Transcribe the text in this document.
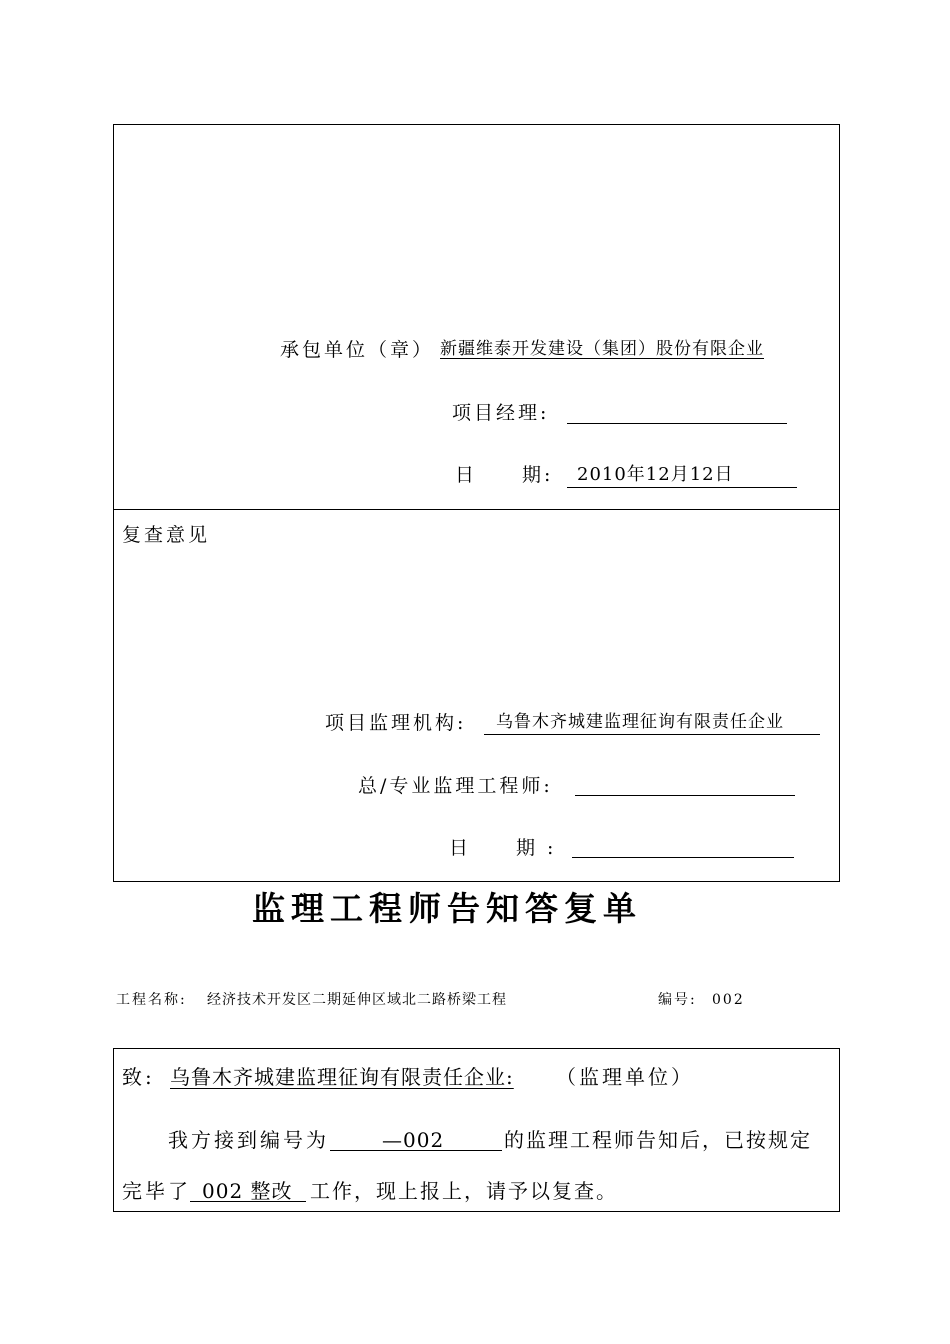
承包单位（章） 新疆维泰开发建设（集团）股份有限企业
项目经理:
日 期: 2010年12月12日
复查意见
项目监理机构: 乌鲁木齐城建监理征询有限责任企业
总/专业监理工程师:
日 期 :
监理工程师告知答复单
工程名称: 经济技术开发区二期延伸区域北二路桥梁工程	编号: 002
致: 乌鲁木齐城建监理征询有限责任企业: （监理单位）
我方接到编号为	—002	的监理工程师告知后，已按规定
完毕了 002 整改 工作，现上报上，请予以复查。
